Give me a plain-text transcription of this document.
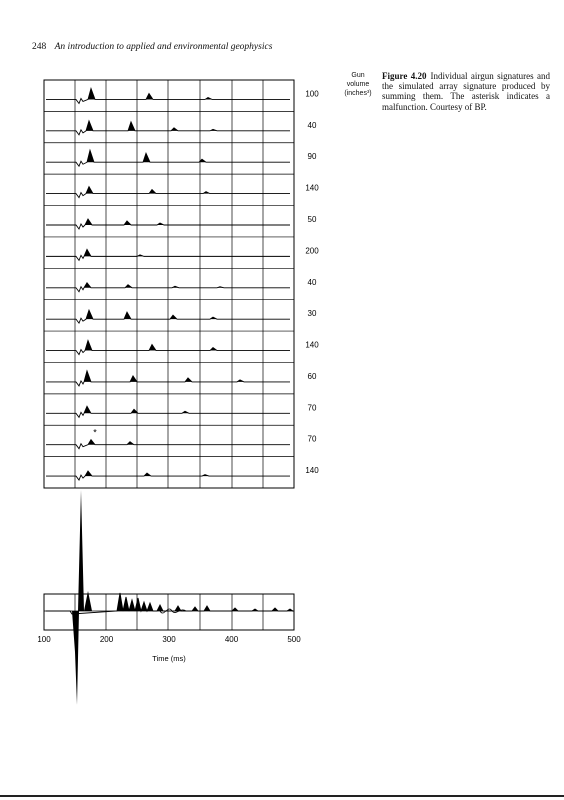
248 An introduction to applied and environmental geophysics
Gun
volume
(inches³)
Figure 4.20 Individual airgun signatures and the simulated array signature produced by summing them. The asterisk indicates a malfunction. Courtesy of BP.
100
40
90
140
50
200
40
30
140
60
70
70
*
140
100	200	300	400	500
Time (ms)
